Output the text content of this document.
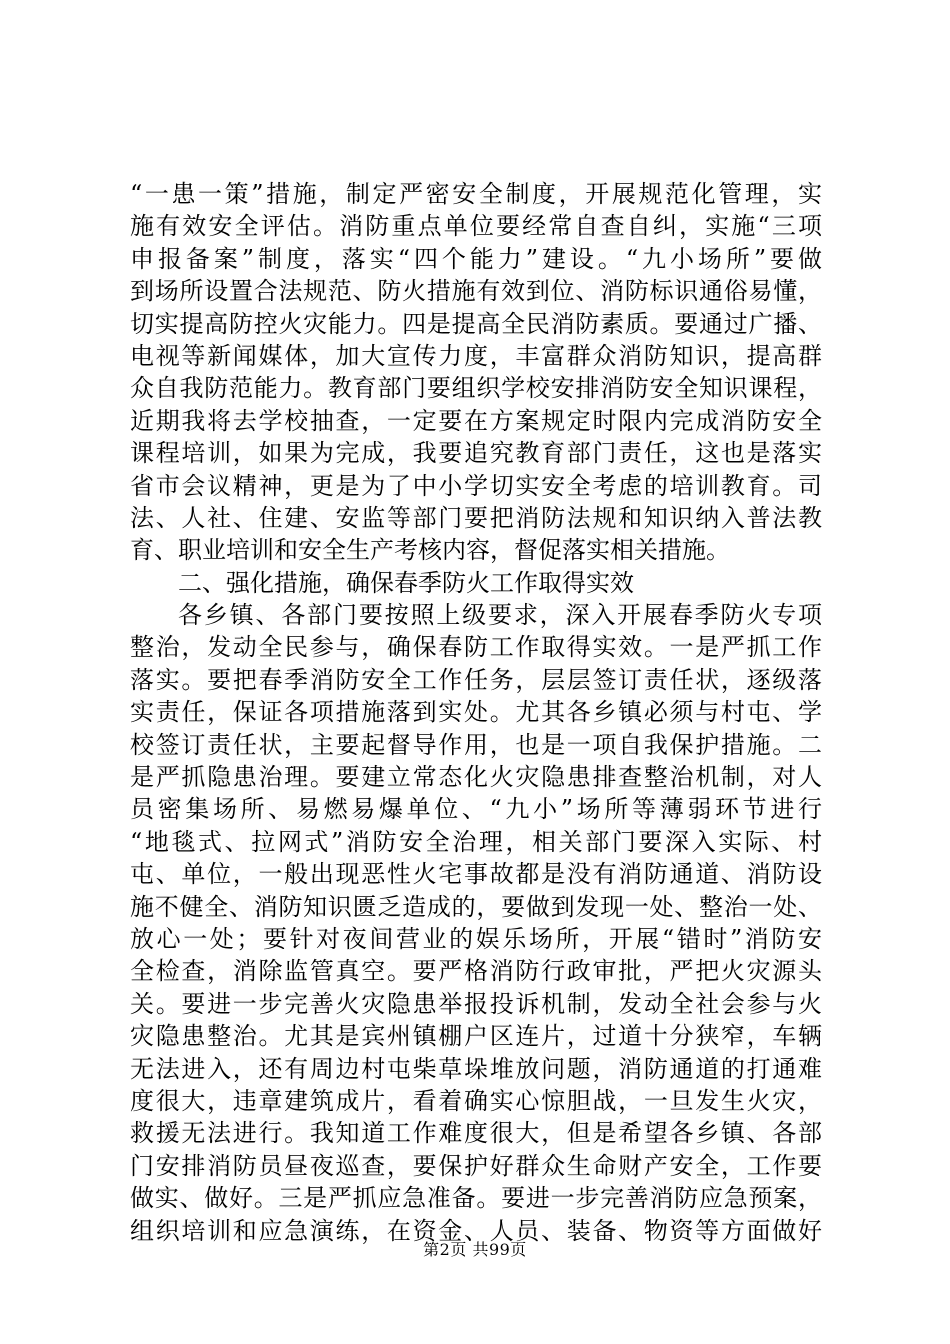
“一患一策”措施，制定严密安全制度，开展规范化管理，实
施有效安全评估。消防重点单位要经常自查自纠，实施“三项
申报备案”制度，落实“四个能力”建设。“九小场所”要做
到场所设置合法规范、防火措施有效到位、消防标识通俗易懂，
切实提高防控火灾能力。四是提高全民消防素质。要通过广播、
电视等新闻媒体，加大宣传力度，丰富群众消防知识，提高群
众自我防范能力。教育部门要组织学校安排消防安全知识课程，
近期我将去学校抽查，一定要在方案规定时限内完成消防安全
课程培训，如果为完成，我要追究教育部门责任，这也是落实
省市会议精神，更是为了中小学切实安全考虑的培训教育。司
法、人社、住建、安监等部门要把消防法规和知识纳入普法教
育、职业培训和安全生产考核内容，督促落实相关措施。
二、强化措施，确保春季防火工作取得实效
各乡镇、各部门要按照上级要求，深入开展春季防火专项
整治，发动全民参与，确保春防工作取得实效。一是严抓工作
落实。要把春季消防安全工作任务，层层签订责任状，逐级落
实责任，保证各项措施落到实处。尤其各乡镇必须与村屯、学
校签订责任状，主要起督导作用，也是一项自我保护措施。二
是严抓隐患治理。要建立常态化火灾隐患排查整治机制，对人
员密集场所、易燃易爆单位、“九小”场所等薄弱环节进行
“地毯式、拉网式”消防安全治理，相关部门要深入实际、村
屯、单位，一般出现恶性火宅事故都是没有消防通道、消防设
施不健全、消防知识匮乏造成的，要做到发现一处、整治一处、
放心一处；要针对夜间营业的娱乐场所，开展“错时”消防安
全检查，消除监管真空。要严格消防行政审批，严把火灾源头
关。要进一步完善火灾隐患举报投诉机制，发动全社会参与火
灾隐患整治。尤其是宾州镇棚户区连片，过道十分狭窄，车辆
无法进入，还有周边村屯柴草垛堆放问题，消防通道的打通难
度很大，违章建筑成片，看着确实心惊胆战，一旦发生火灾，
救援无法进行。我知道工作难度很大，但是希望各乡镇、各部
门安排消防员昼夜巡查，要保护好群众生命财产安全，工作要
做实、做好。三是严抓应急准备。要进一步完善消防应急预案，
组织培训和应急演练，在资金、人员、装备、物资等方面做好
第2页 共99页
